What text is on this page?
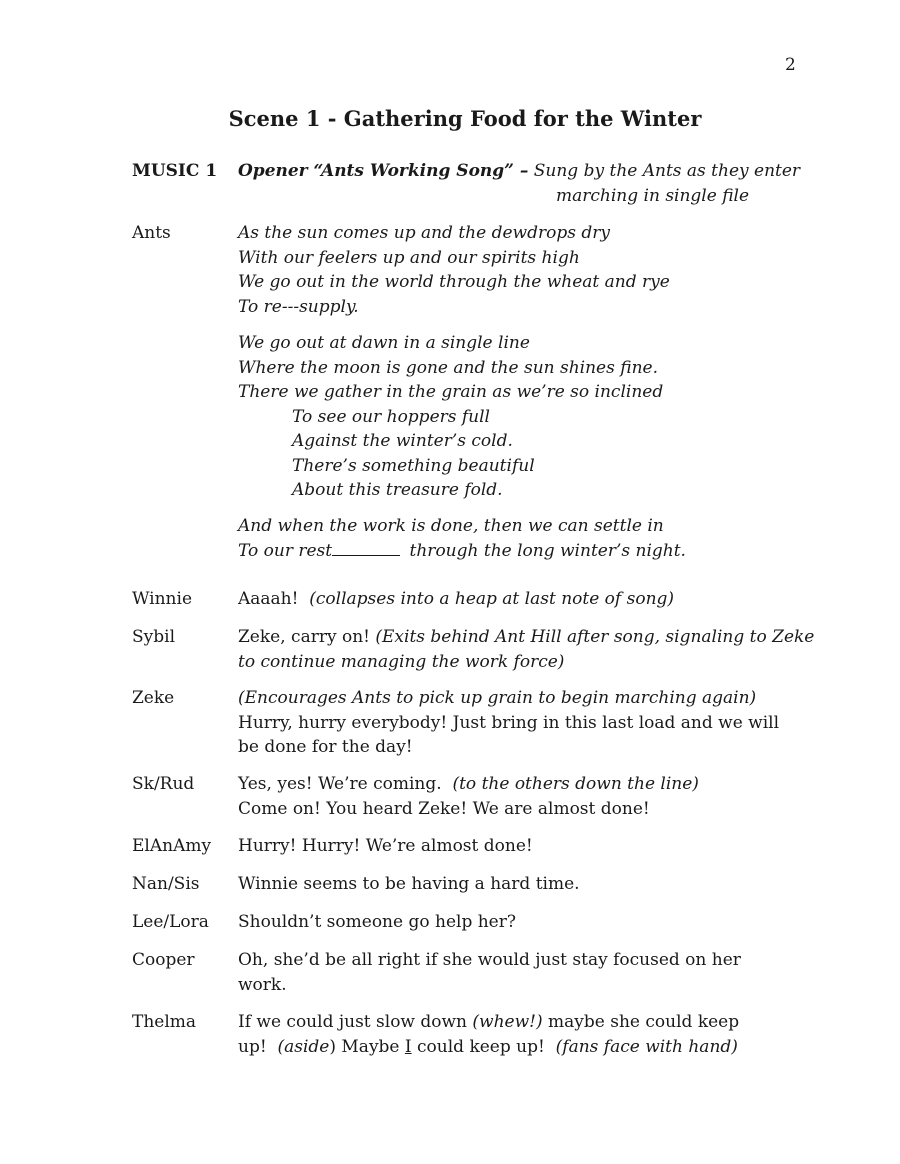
2
Scene 1 - Gathering Food for the Winter
MUSIC 1	Opener “Ants Working Song” – Sung by the Ants as they enter
marching in single file
Ants	As the sun comes up and the dewdrops dry
With our feelers up and our spirits high
We go out in the world through the wheat and rye
To re---supply.
We go out at dawn in a single line
Where the moon is gone and the sun shines fine.
There we gather in the grain as we’re so inclined
To see our hoppers full
Against the winter’s cold.
There’s something beautiful
About this treasure fold.
And when the work is done, then we can settle in
To our rest	through the long winter’s night.
Winnie	Aaaah! (collapses into a heap at last note of song)
Sybil	Zeke, carry on! (Exits behind Ant Hill after song, signaling to Zeke
to continue managing the work force)
Zeke	(Encourages Ants to pick up grain to begin marching again)
Hurry, hurry everybody! Just bring in this last load and we will
be done for the day!
Sk/Rud	Yes, yes! We’re coming. (to the others down the line)
Come on! You heard Zeke! We are almost done!
ElAnAmy	Hurry! Hurry! We’re almost done!
Nan/Sis	Winnie seems to be having a hard time.
Lee/Lora	Shouldn’t someone go help her?
Cooper	Oh, she’d be all right if she would just stay focused on her
work.
Thelma	If we could just slow down (whew!) maybe she could keep
up! (aside) Maybe I could keep up! (fans face with hand)
